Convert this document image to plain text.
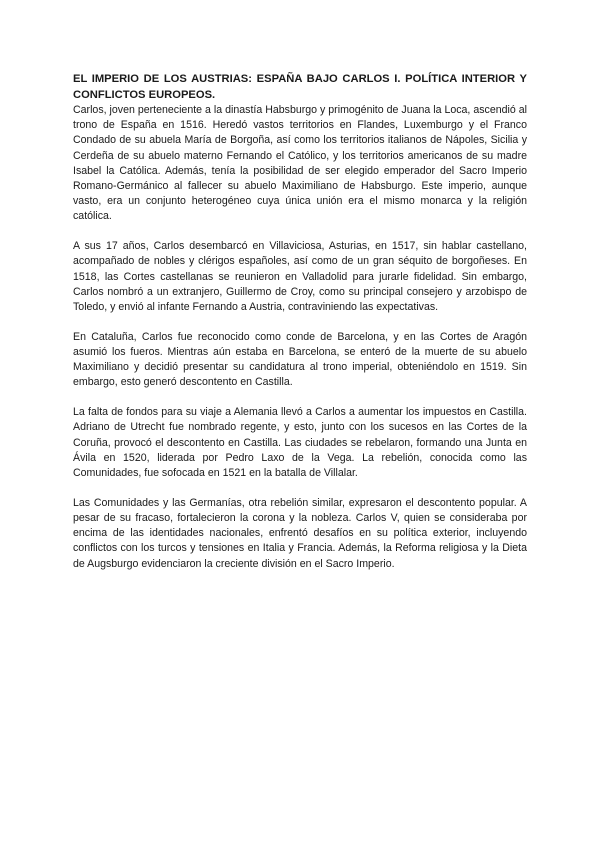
EL IMPERIO DE LOS AUSTRIAS: ESPAÑA BAJO CARLOS I. POLÍTICA INTERIOR Y CONFLICTOS EUROPEOS.

Carlos, joven perteneciente a la dinastía Habsburgo y primogénito de Juana la Loca, ascendió al trono de España en 1516. Heredó vastos territorios en Flandes, Luxemburgo y el Franco Condado de su abuela María de Borgoña, así como los territorios italianos de Nápoles, Sicilia y Cerdeña de su abuelo materno Fernando el Católico, y los territorios americanos de su madre Isabel la Católica. Además, tenía la posibilidad de ser elegido emperador del Sacro Imperio Romano-Germánico al fallecer su abuelo Maximiliano de Habsburgo. Este imperio, aunque vasto, era un conjunto heterogéneo cuya única unión era el mismo monarca y la religión católica.

A sus 17 años, Carlos desembarcó en Villaviciosa, Asturias, en 1517, sin hablar castellano, acompañado de nobles y clérigos españoles, así como de un gran séquito de borgoñeses. En 1518, las Cortes castellanas se reunieron en Valladolid para jurarle fidelidad. Sin embargo, Carlos nombró a un extranjero, Guillermo de Croy, como su principal consejero y arzobispo de Toledo, y envió al infante Fernando a Austria, contraviniendo las expectativas.

En Cataluña, Carlos fue reconocido como conde de Barcelona, y en las Cortes de Aragón asumió los fueros. Mientras aún estaba en Barcelona, se enteró de la muerte de su abuelo Maximiliano y decidió presentar su candidatura al trono imperial, obteniéndolo en 1519. Sin embargo, esto generó descontento en Castilla.

La falta de fondos para su viaje a Alemania llevó a Carlos a aumentar los impuestos en Castilla. Adriano de Utrecht fue nombrado regente, y esto, junto con los sucesos en las Cortes de la Coruña, provocó el descontento en Castilla. Las ciudades se rebelaron, formando una Junta en Ávila en 1520, liderada por Pedro Laxo de la Vega. La rebelión, conocida como las Comunidades, fue sofocada en 1521 en la batalla de Villalar.

Las Comunidades y las Germanías, otra rebelión similar, expresaron el descontento popular. A pesar de su fracaso, fortalecieron la corona y la nobleza. Carlos V, quien se consideraba por encima de las identidades nacionales, enfrentó desafíos en su política exterior, incluyendo conflictos con los turcos y tensiones en Italia y Francia. Además, la Reforma religiosa y la Dieta de Augsburgo evidenciaron la creciente división en el Sacro Imperio.
